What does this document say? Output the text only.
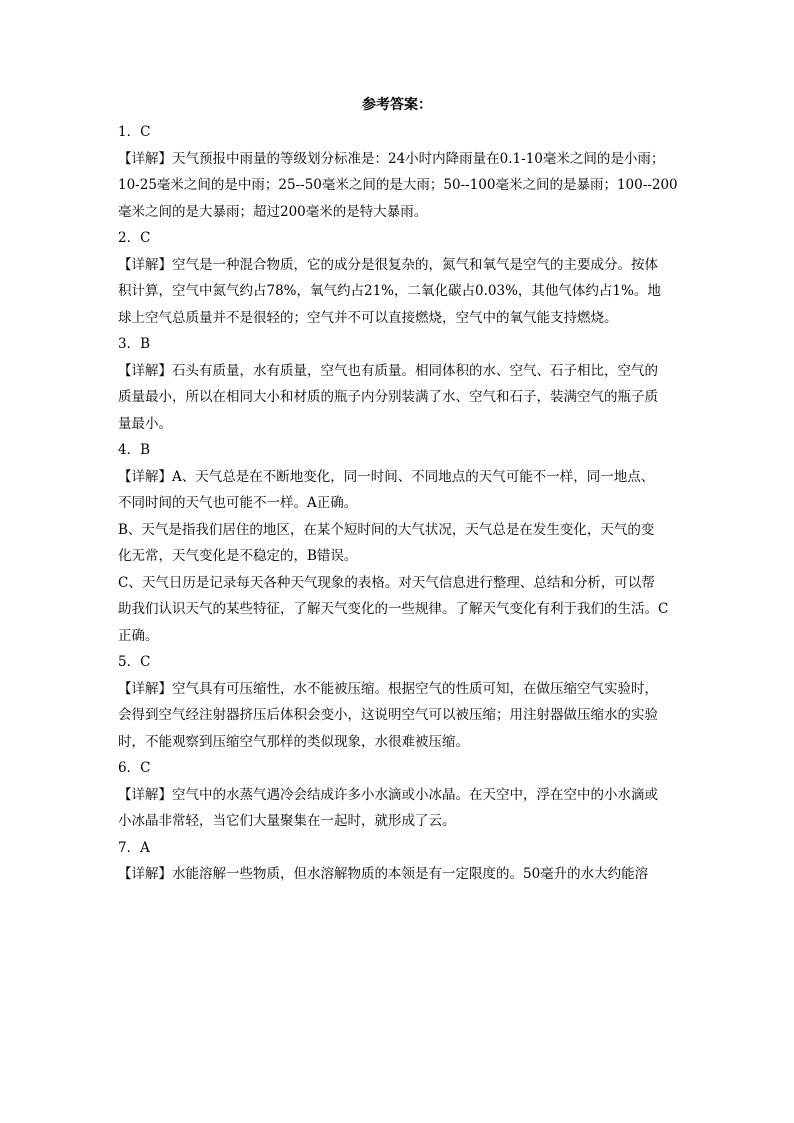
参考答案：
1．C
【详解】天气预报中雨量的等级划分标准是：24小时内降雨量在0.1-10毫米之间的是小雨；
10-25毫米之间的是中雨；25--50毫米之间的是大雨；50--100毫米之间的是暴雨；100--200
毫米之间的是大暴雨；超过200毫米的是特大暴雨。
2．C
【详解】空气是一种混合物质，它的成分是很复杂的，氮气和氧气是空气的主要成分。按体
积计算，空气中氮气约占78%，氧气约占21%，二氧化碳占0.03%，其他气体约占1%。地
球上空气总质量并不是很轻的；空气并不可以直接燃烧，空气中的氧气能支持燃烧。
3．B
【详解】石头有质量，水有质量，空气也有质量。相同体积的水、空气、石子相比，空气的
质量最小，所以在相同大小和材质的瓶子内分别装满了水、空气和石子，装满空气的瓶子质
量最小。
4．B
【详解】A、天气总是在不断地变化，同一时间、不同地点的天气可能不一样，同一地点、
不同时间的天气也可能不一样。A正确。
B、天气是指我们居住的地区，在某个短时间的大气状况，天气总是在发生变化，天气的变
化无常，天气变化是不稳定的，B错误。
C、天气日历是记录每天各种天气现象的表格。对天气信息进行整理、总结和分析，可以帮
助我们认识天气的某些特征，了解天气变化的一些规律。了解天气变化有利于我们的生活。C
正确。
5．C
【详解】空气具有可压缩性，水不能被压缩。根据空气的性质可知，在做压缩空气实验时，
会得到空气经注射器挤压后体积会变小，这说明空气可以被压缩；用注射器做压缩水的实验
时，不能观察到压缩空气那样的类似现象，水很难被压缩。
6．C
【详解】空气中的水蒸气遇冷会结成许多小水滴或小冰晶。在天空中，浮在空中的小水滴或
小冰晶非常轻，当它们大量聚集在一起时，就形成了云。
7．A
【详解】水能溶解一些物质，但水溶解物质的本领是有一定限度的。50毫升的水大约能溶
